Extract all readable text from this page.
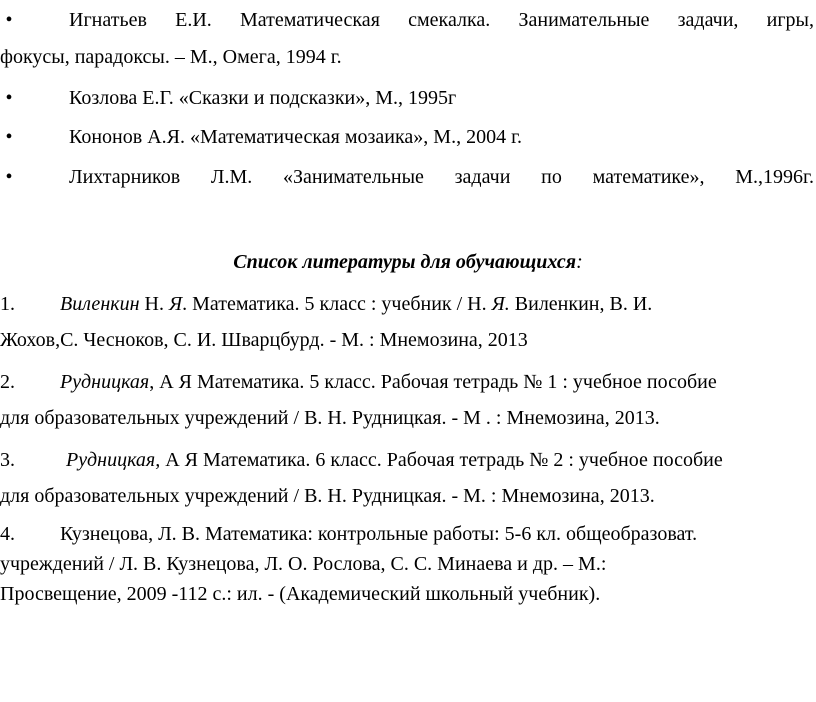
•	Игнатьев Е.И. Математическая смекалка. Занимательные задачи, игры,
фокусы, парадоксы. – М., Омега, 1994 г.
•	Козлова Е.Г. «Сказки и подсказки», М., 1995г
•	Кононов А.Я. «Математическая мозаика», М., 2004 г.
•	Лихтарников Л.М. «Занимательные задачи по математике», М.,1996г.
Список литературы для обучающихся:
1. Виленкин Н. Я. Математика. 5 класс : учебник / Н. Я. Виленкин, В. И.
Жохов,С. Чесноков, С. И. Шварцбурд. - М. : Мнемозина, 2013
2. Рудницкая, А Я Математика. 5 класс. Рабочая тетрадь № 1 : учебное пособие
для образовательных учреждений / В. Н. Рудницкая. - М . : Мнемозина, 2013.
3.	Рудницкая, А Я Математика. 6 класс. Рабочая тетрадь № 2 : учебное пособие
для образовательных учреждений / В. Н. Рудницкая. - М. : Мнемозина, 2013.
4. Кузнецова, Л. В. Математика: контрольные работы: 5-6 кл. общеобразоват.
учреждений / Л. В. Кузнецова, Л. О. Рослова, С. С. Минаева и др. – М.:
Просвещение, 2009 -112 с.: ил. - (Академический школьный учебник).
